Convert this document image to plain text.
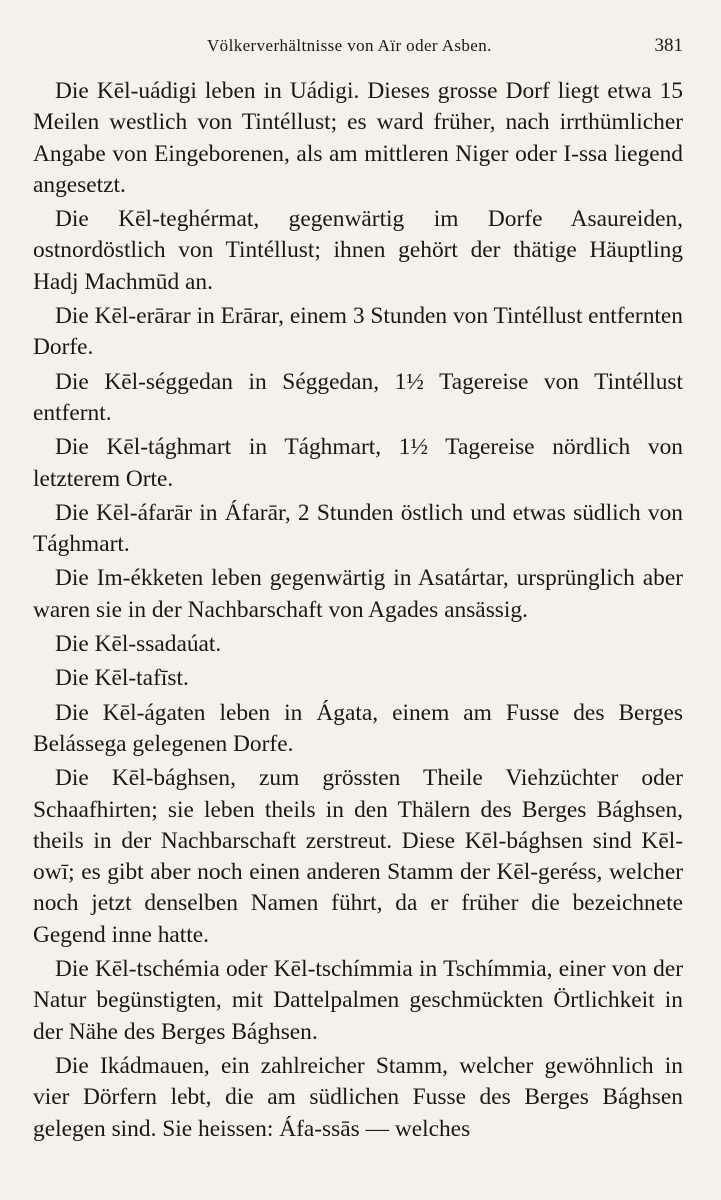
Völkerverhältnisse von Aïr oder Asben.	381

Die Kēl-uádigi leben in Uádigi. Dieses grosse Dorf liegt etwa 15 Meilen westlich von Tintéllust; es ward früher, nach irrthümlicher Angabe von Eingeborenen, als am mittleren Niger oder I-ssa liegend angesetzt.

Die Kēl-teghérmat, gegenwärtig im Dorfe Asaureiden, ostnordöstlich von Tintéllust; ihnen gehört der thätige Häuptling Hadj Machmūd an.

Die Kēl-erārar in Erārar, einem 3 Stunden von Tintéllust entfernten Dorfe.

Die Kēl-séggedan in Séggedan, 1½ Tagereise von Tintéllust entfernt.

Die Kēl-tághmart in Tághmart, 1½ Tagereise nördlich von letzterem Orte.

Die Kēl-áfarār in Áfarār, 2 Stunden östlich und etwas südlich von Tághmart.

Die Im-ékketen leben gegenwärtig in Asatártar, ursprünglich aber waren sie in der Nachbarschaft von Agades ansässig.

Die Kēl-ssadaúat.

Die Kēl-tafīst.

Die Kēl-ágaten leben in Ágata, einem am Fusse des Berges Belássega gelegenen Dorfe.

Die Kēl-bághsen, zum grössten Theile Viehzüchter oder Schaafhirten; sie leben theils in den Thälern des Berges Bághsen, theils in der Nachbarschaft zerstreut. Diese Kēl-bághsen sind Kēl-owī; es gibt aber noch einen anderen Stamm der Kēl-geréss, welcher noch jetzt denselben Namen führt, da er früher die bezeichnete Gegend inne hatte.

Die Kēl-tschémia oder Kēl-tschímmia in Tschímmia, einer von der Natur begünstigten, mit Dattelpalmen geschmückten Örtlichkeit in der Nähe des Berges Bághsen.

Die Ikádmauen, ein zahlreicher Stamm, welcher gewöhnlich in vier Dörfern lebt, die am südlichen Fusse des Berges Bághsen gelegen sind. Sie heissen: Áfa-ssās — welches
